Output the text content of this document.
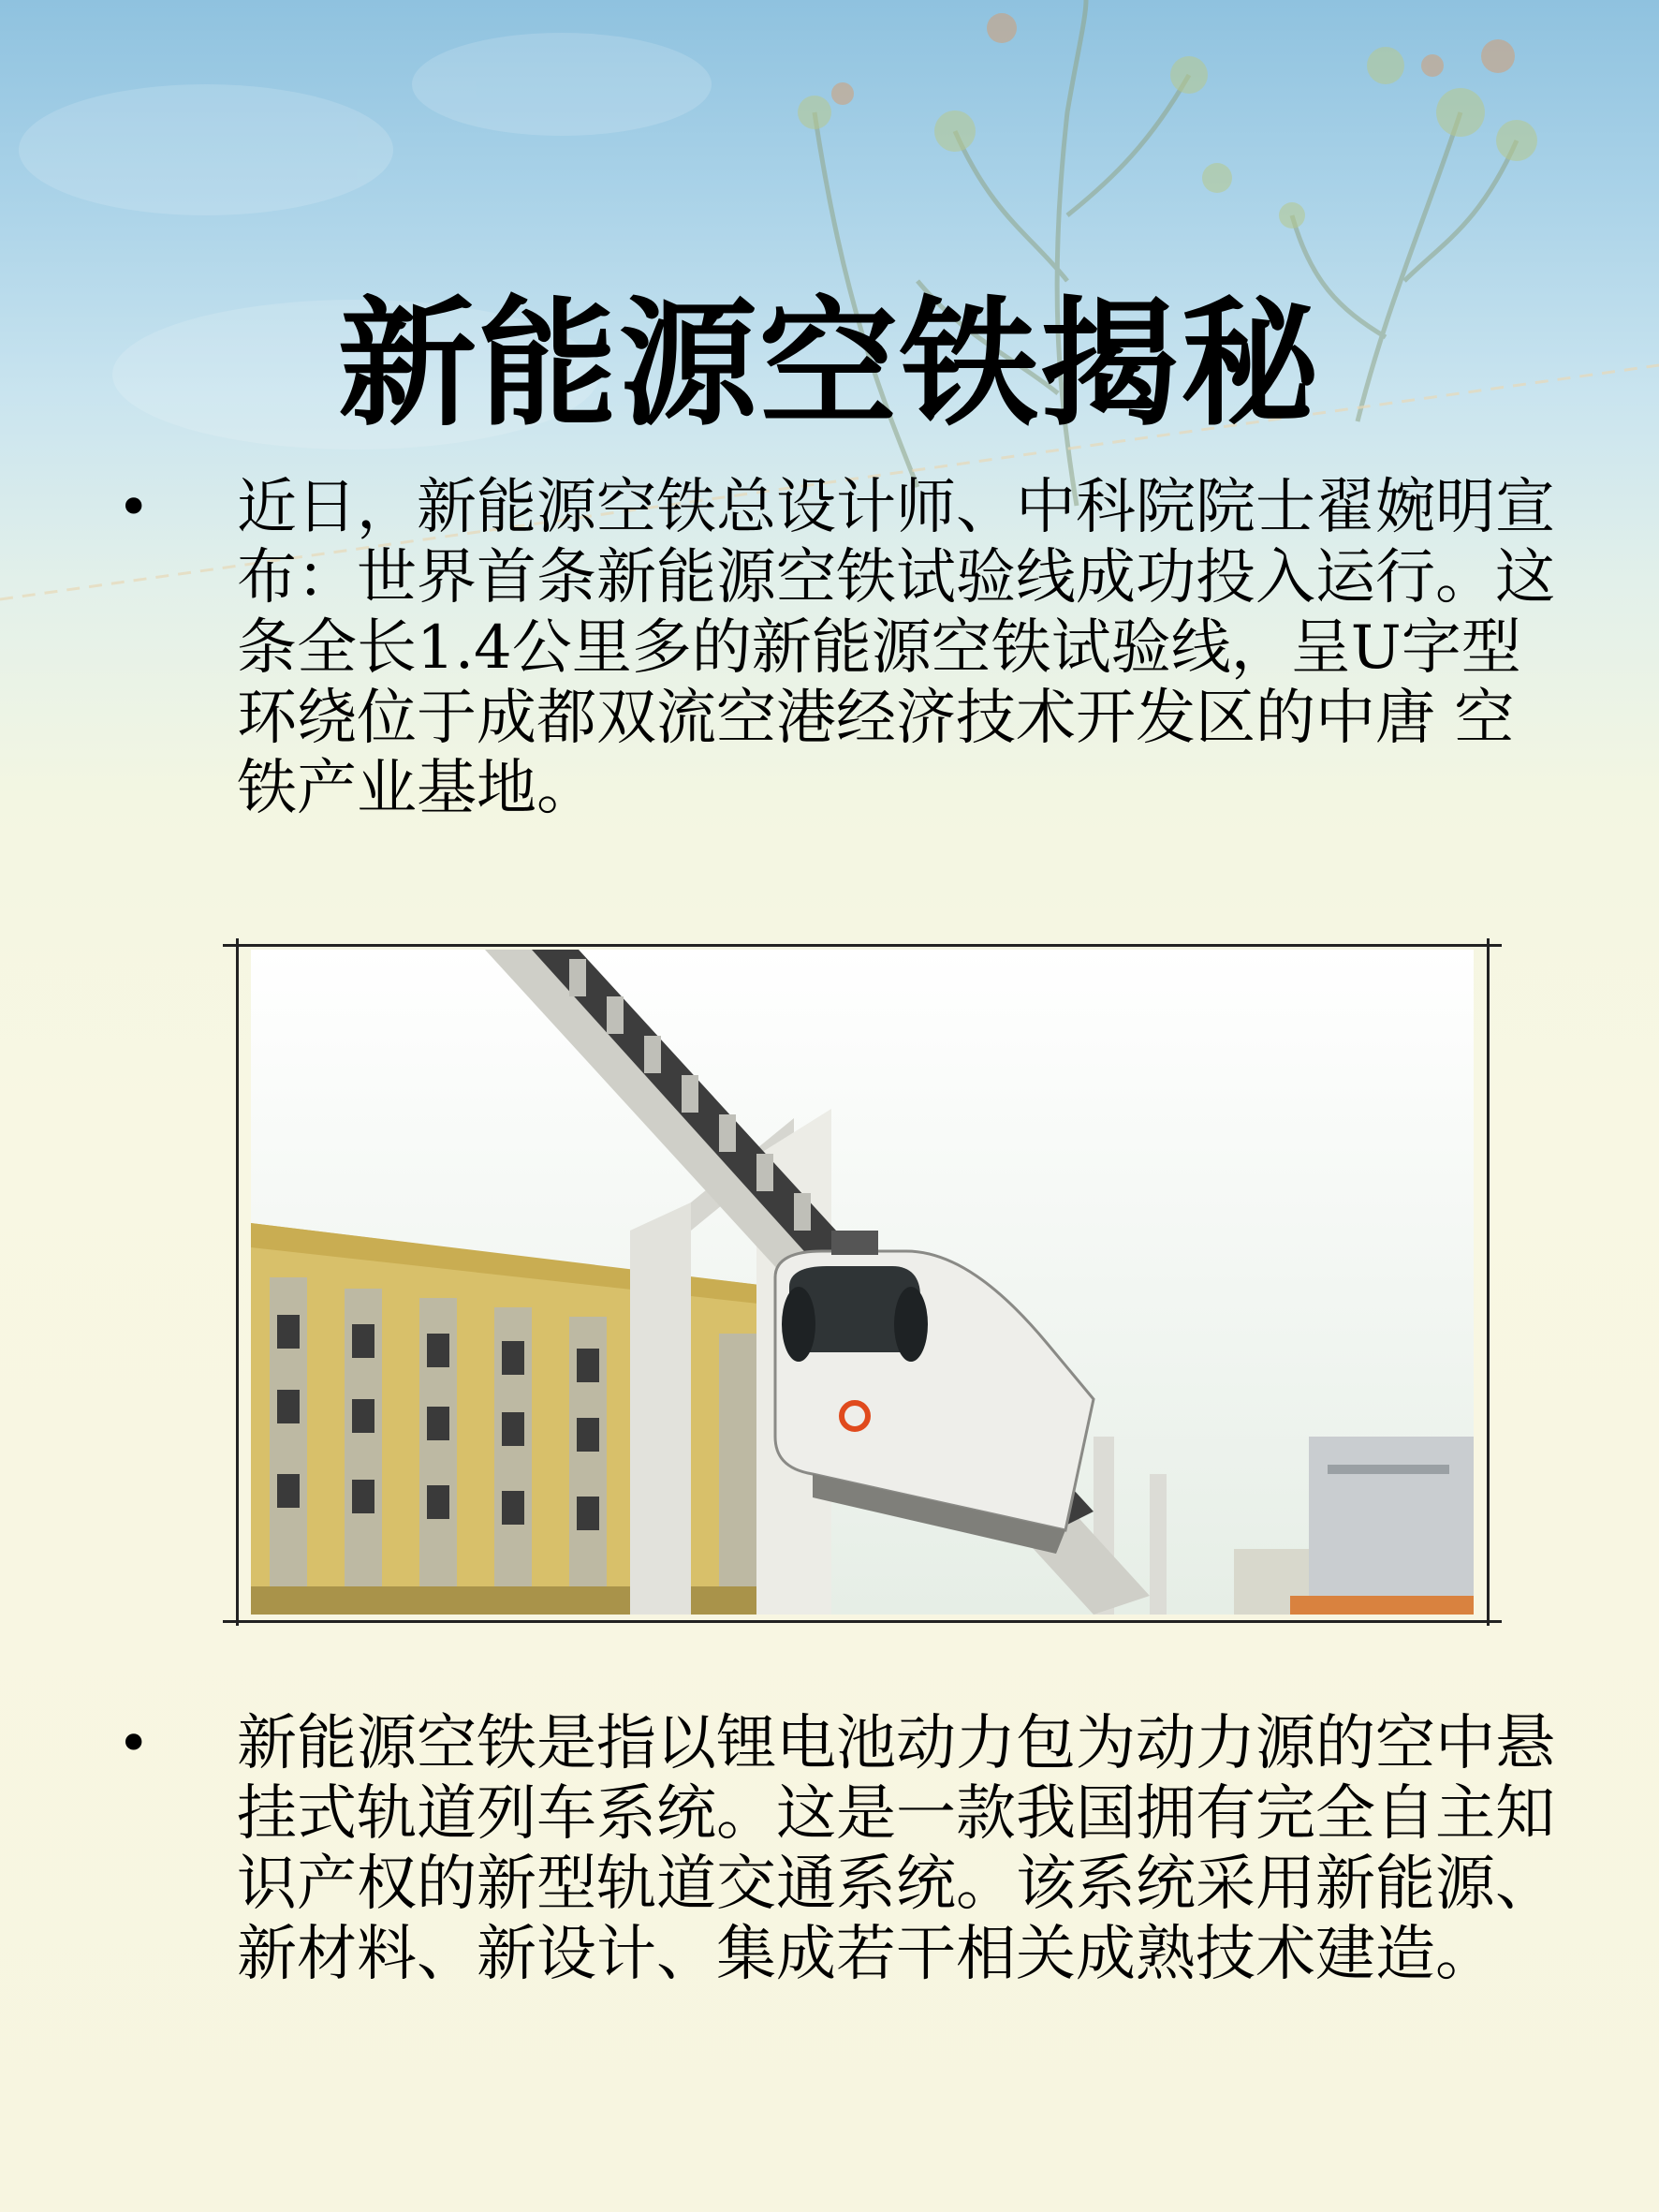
新能源空铁揭秘
•	近日，新能源空铁总设计师、中科院院士翟婉明宣布：世界首条新能源空铁试验线成功投入运行。这条全长1.4公里多的新能源空铁试验线，呈U字型环绕位于成都双流空港经济技术开发区的中唐 空铁产业基地。

•	新能源空铁是指以锂电池动力包为动力源的空中悬挂式轨道列车系统。这是一款我国拥有完全自主知识产权的新型轨道交通系统。该系统采用新能源、新材料、新设计、集成若干相关成熟技术建造。
